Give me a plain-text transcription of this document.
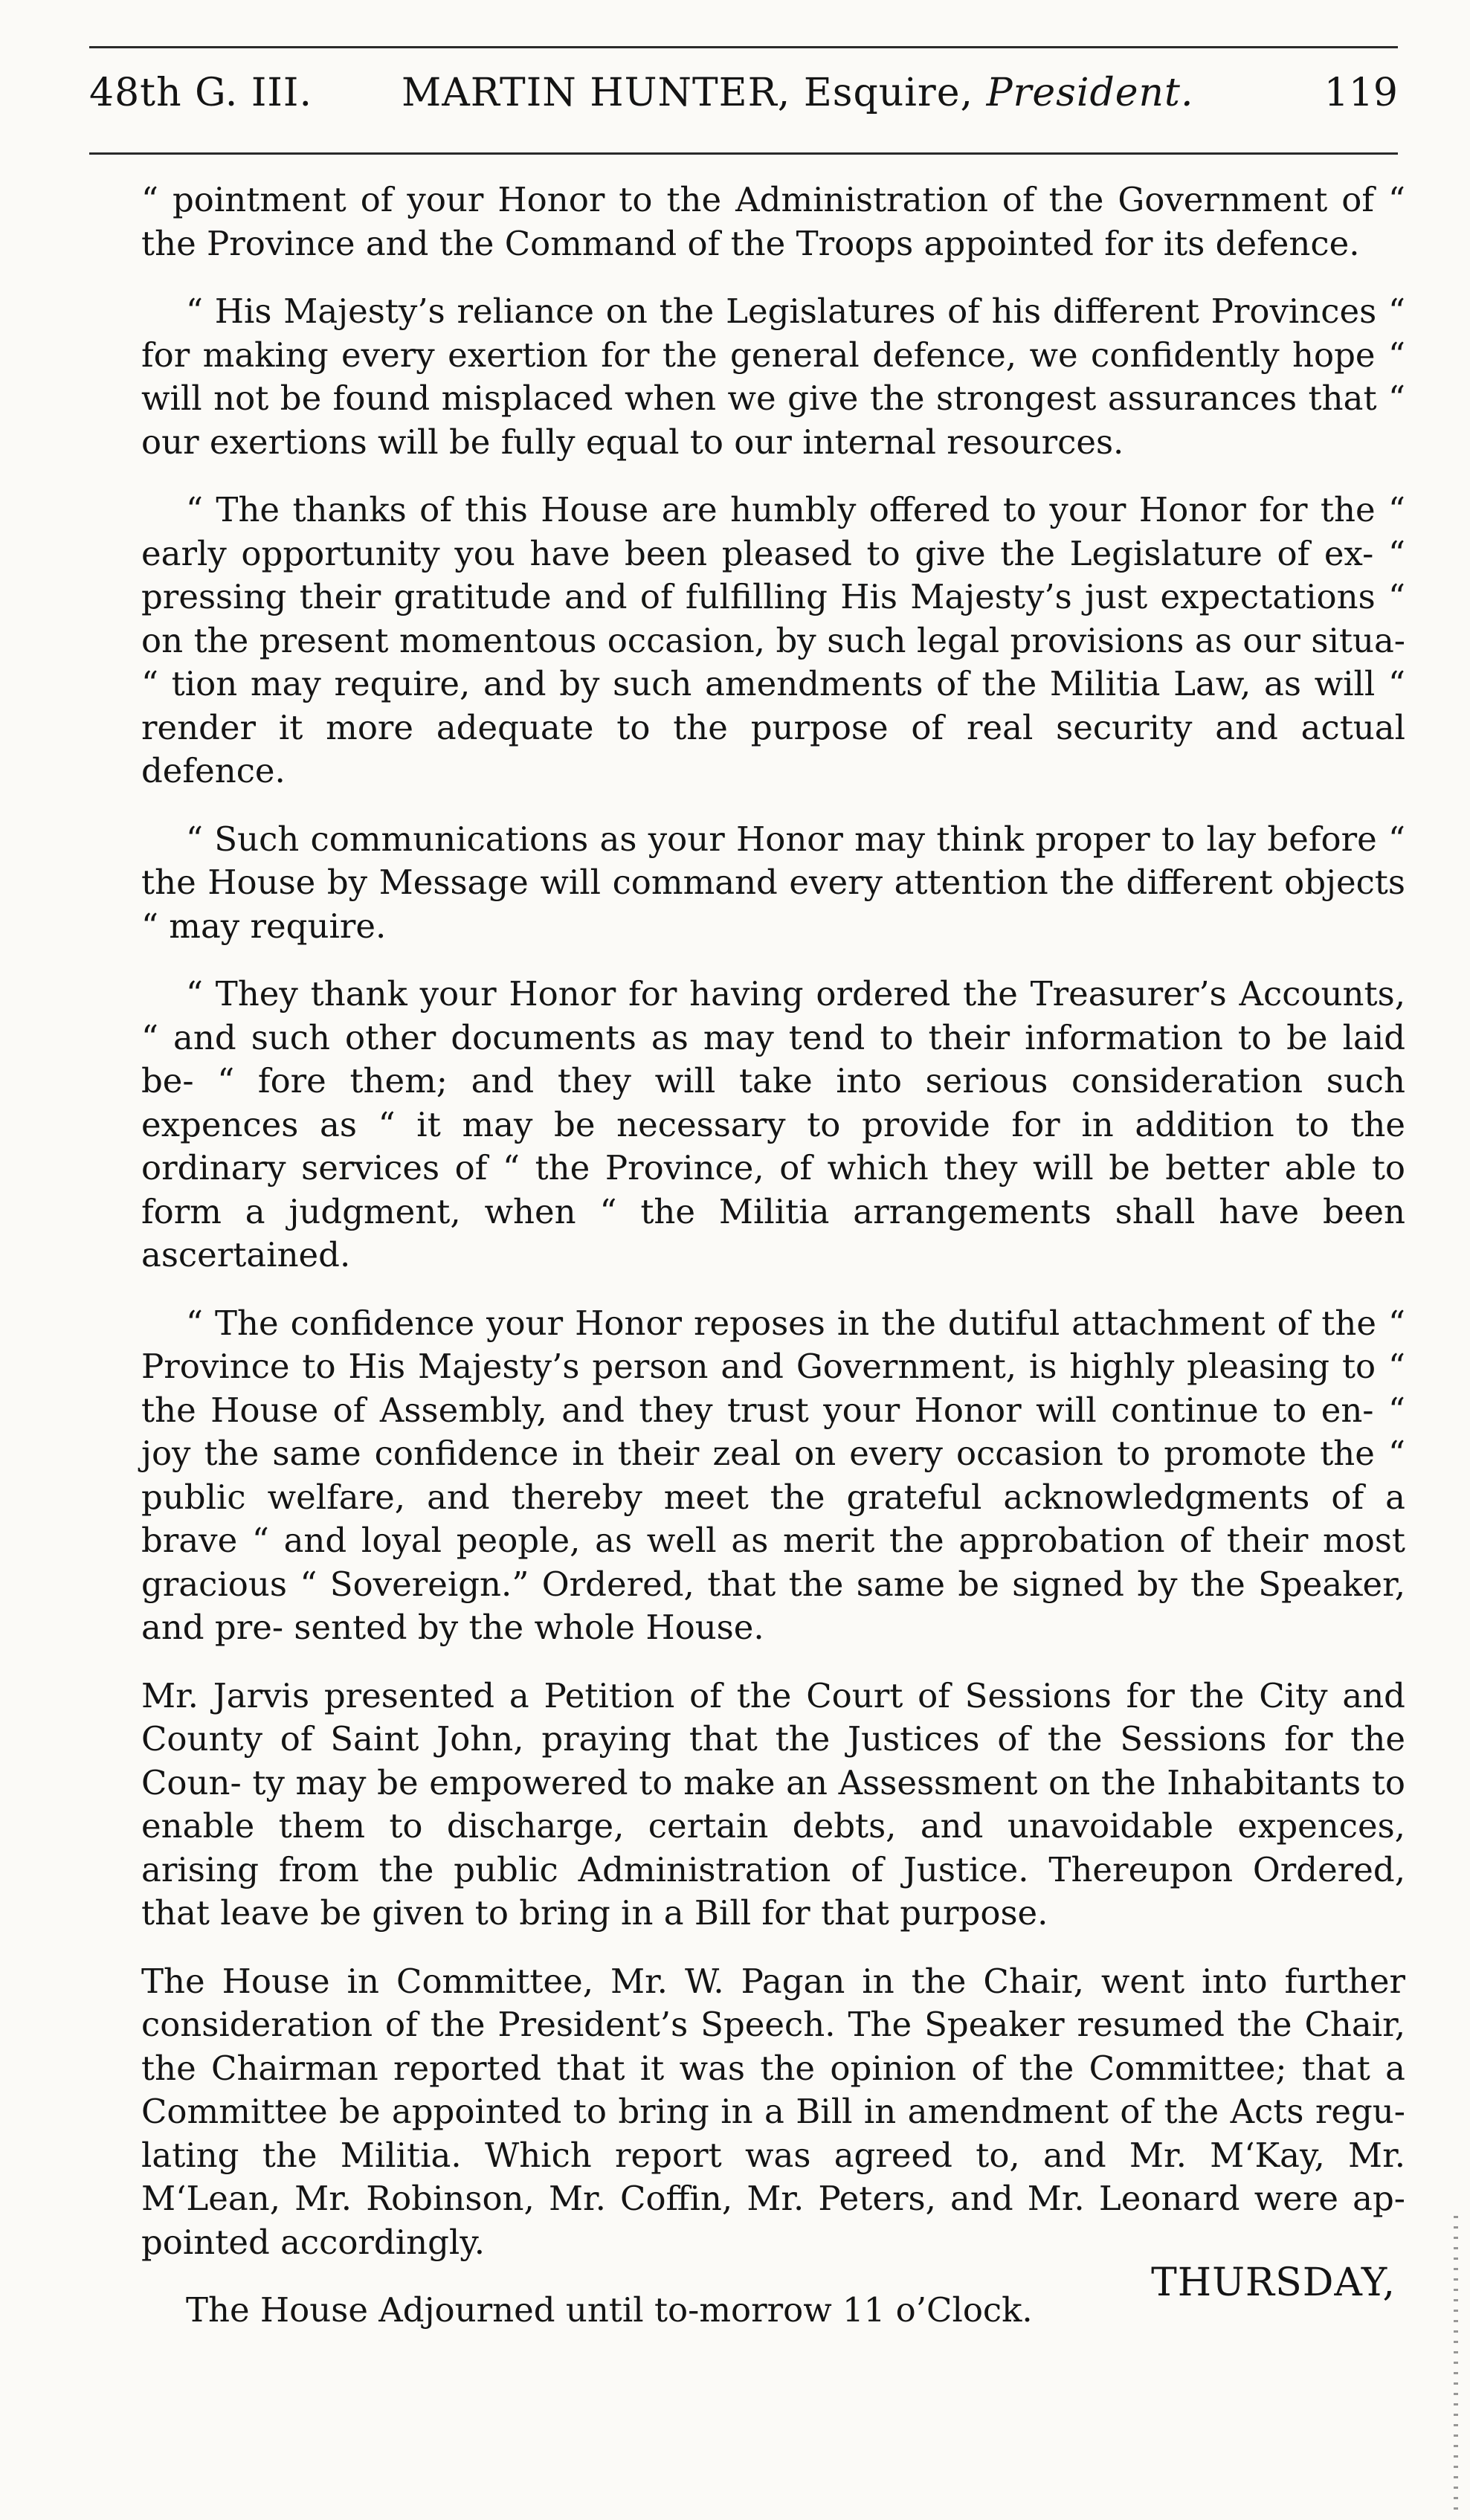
48th G. III. MARTIN HUNTER, Esquire, President.	119

“ pointment of your Honor to the Administration of the Government of “ the Province and the Command of the Troops appointed for its defence.

“ His Majesty’s reliance on the Legislatures of his different Provinces “ for making every exertion for the general defence, we confidently hope “ will not be found misplaced when we give the strongest assurances that “ our exertions will be fully equal to our internal resources.

“ The thanks of this House are humbly offered to your Honor for the “ early opportunity you have been pleased to give the Legislature of ex- “ pressing their gratitude and of fulfilling His Majesty’s just expectations “ on the present momentous occasion, by such legal provisions as our situa- “ tion may require, and by such amendments of the Militia Law, as will “ render it more adequate to the purpose of real security and actual defence.

“ Such communications as your Honor may think proper to lay before “ the House by Message will command every attention the different objects “ may require.

“ They thank your Honor for having ordered the Treasurer’s Accounts, “ and such other documents as may tend to their information to be laid be- “ fore them; and they will take into serious consideration such expences as “ it may be necessary to provide for in addition to the ordinary services of “ the Province, of which they will be better able to form a judgment, when “ the Militia arrangements shall have been ascertained.

“ The confidence your Honor reposes in the dutiful attachment of the “ Province to His Majesty’s person and Government, is highly pleasing to “ the House of Assembly, and they trust your Honor will continue to en- “ joy the same confidence in their zeal on every occasion to promote the “ public welfare, and thereby meet the grateful acknowledgments of a brave “ and loyal people, as well as merit the approbation of their most gracious “ Sovereign.” Ordered, that the same be signed by the Speaker, and pre- sented by the whole House.

Mr. Jarvis presented a Petition of the Court of Sessions for the City and County of Saint John, praying that the Justices of the Sessions for the Coun- ty may be empowered to make an Assessment on the Inhabitants to enable them to discharge, certain debts, and unavoidable expences, arising from the public Administration of Justice. Thereupon Ordered, that leave be given to bring in a Bill for that purpose.

The House in Committee, Mr. W. Pagan in the Chair, went into further consideration of the President’s Speech. The Speaker resumed the Chair, the Chairman reported that it was the opinion of the Committee; that a Committee be appointed to bring in a Bill in amendment of the Acts regu- lating the Militia. Which report was agreed to, and Mr. M‘Kay, Mr. M‘Lean, Mr. Robinson, Mr. Coffin, Mr. Peters, and Mr. Leonard were ap- pointed accordingly.

The House Adjourned until to-morrow 11 o’Clock.

THURSDAY,
